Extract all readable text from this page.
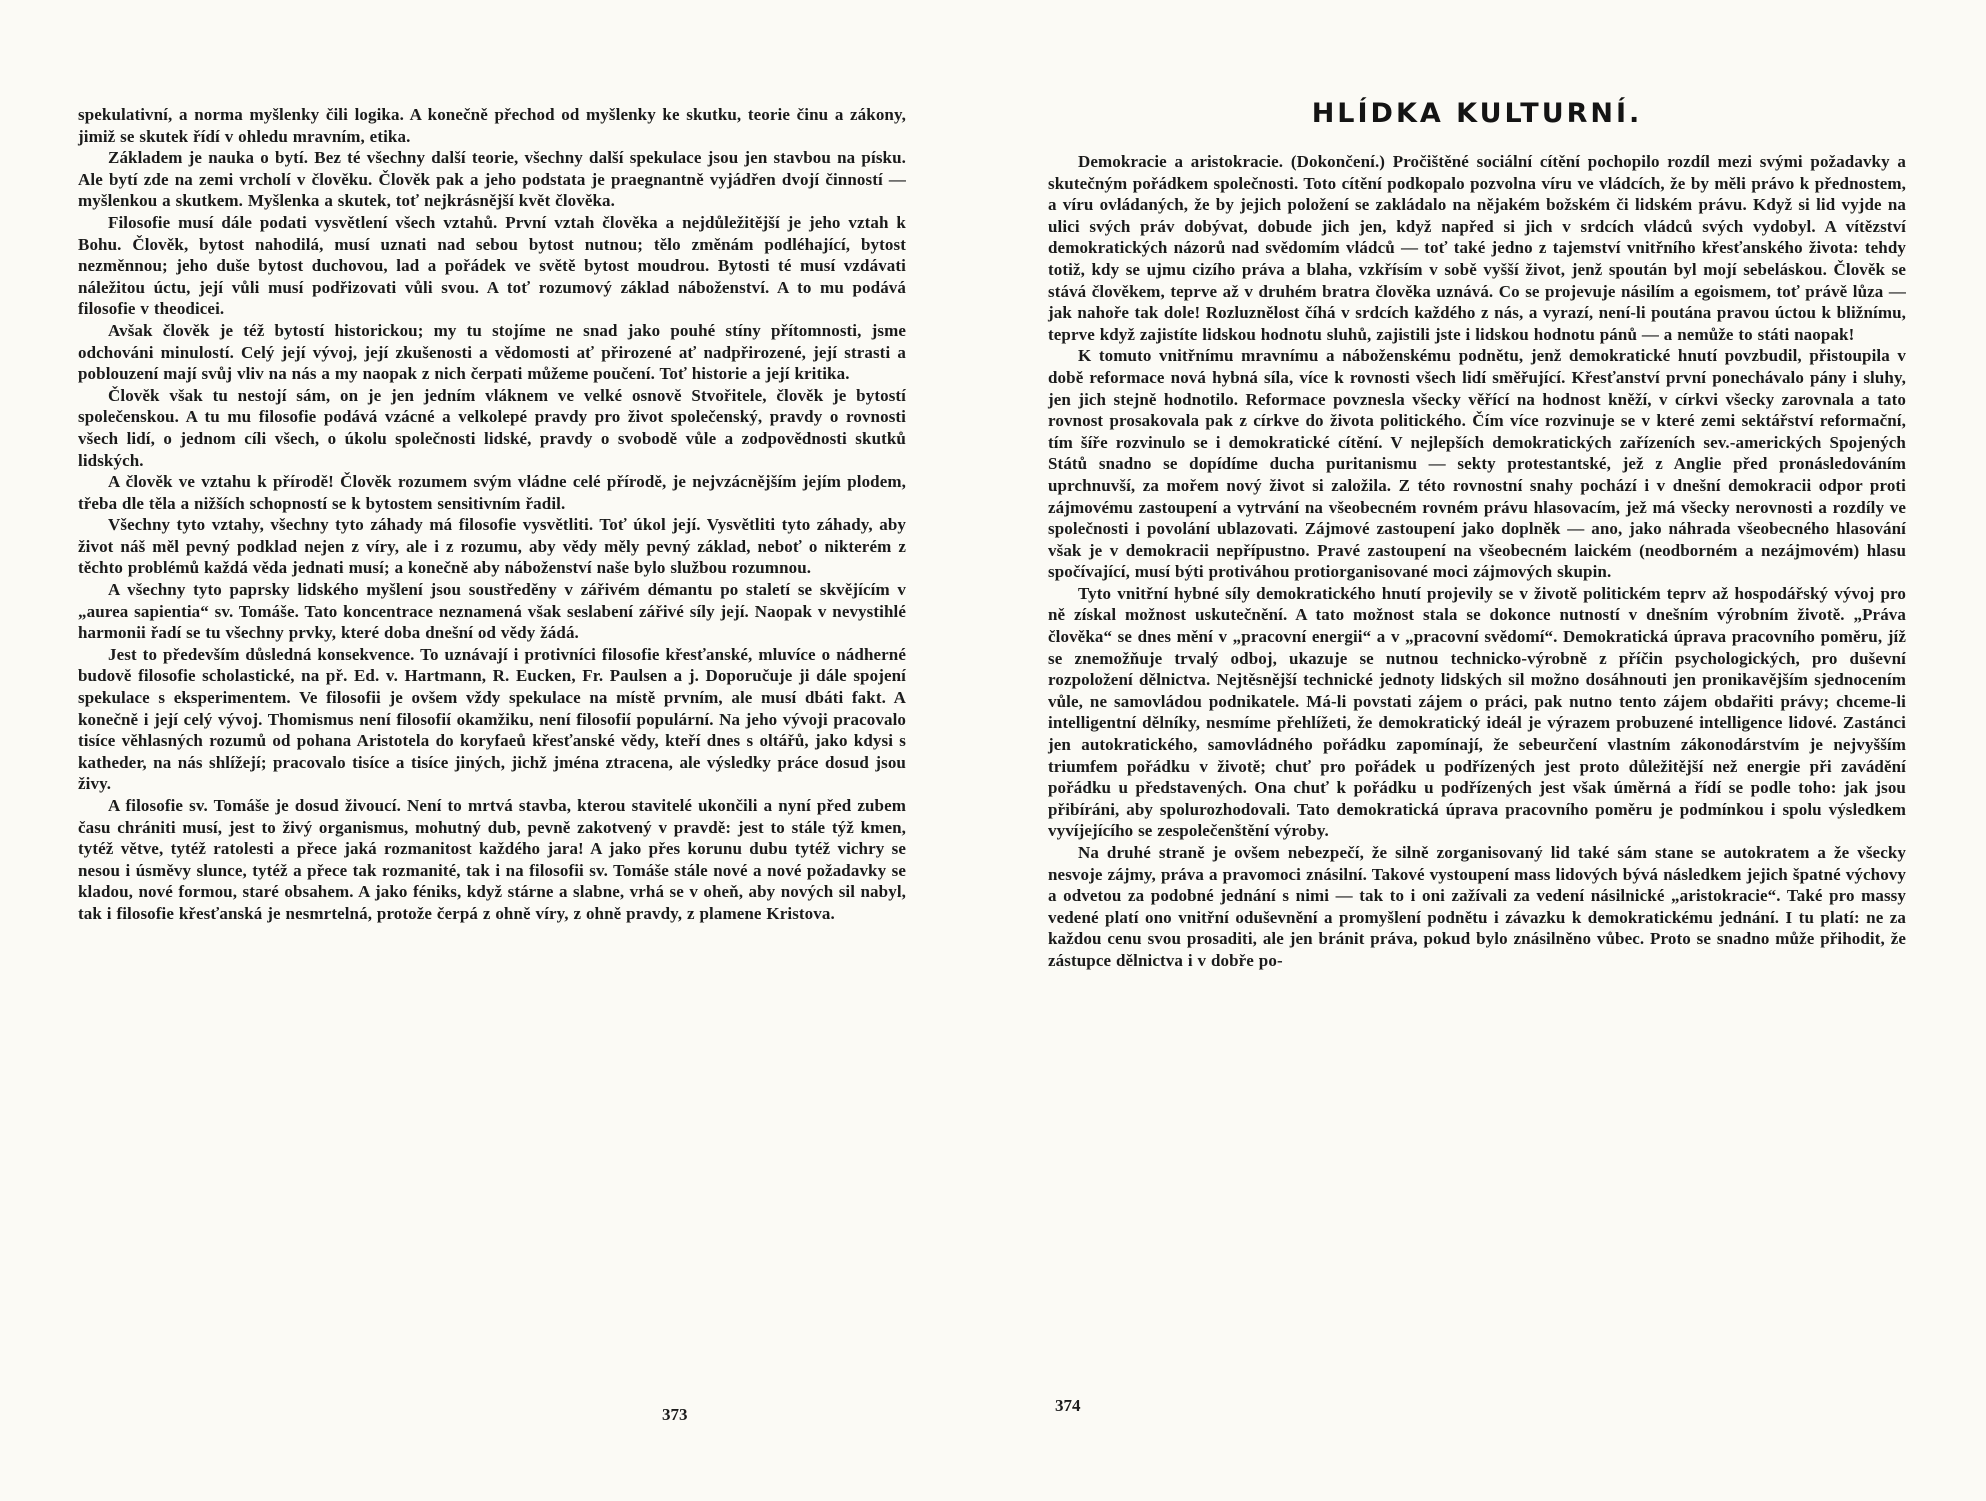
spekulativní, a norma myšlenky čili logika. A konečně přechod od myšlenky ke skutku, teorie činu a zákony, jimiž se skutek řídí v ohledu mravním, etika.

Základem je nauka o bytí. Bez té všechny další teorie, všechny další spekulace jsou jen stavbou na písku. Ale bytí zde na zemi vrcholí v člověku. Člověk pak a jeho podstata je praegnantně vyjádřen dvojí činností — myšlenkou a skutkem. Myšlenka a skutek, toť nejkrásnější květ člověka.

Filosofie musí dále podati vysvětlení všech vztahů. První vztah člověka a nejdůležitější je jeho vztah k Bohu. Člověk, bytost nahodilá, musí uznati nad sebou bytost nutnou; tělo změnám podléhající, bytost nezměnnou; jeho duše bytost duchovou, lad a pořádek ve světě bytost moudrou. Bytosti té musí vzdávati náležitou úctu, její vůli musí podřizovati vůli svou. A toť rozumový základ náboženství. A to mu podává filosofie v theodicei.

Avšak člověk je též bytostí historickou; my tu stojíme ne snad jako pouhé stíny přítomnosti, jsme odchováni minulostí. Celý její vývoj, její zkušenosti a vědomosti ať přirozené ať nadpřirozené, její strasti a poblouzení mají svůj vliv na nás a my naopak z nich čerpati můžeme poučení. Toť historie a její kritika.

Člověk však tu nestojí sám, on je jen jedním vláknem ve velké osnově Stvořitele, člověk je bytostí společenskou. A tu mu filosofie podává vzácné a velkolepé pravdy pro život společenský, pravdy o rovnosti všech lidí, o jednom cíli všech, o úkolu společnosti lidské, pravdy o svobodě vůle a zodpovědnosti skutků lidských.

A člověk ve vztahu k přírodě! Člověk rozumem svým vládne celé přírodě, je nejvzácnějším jejím plodem, třeba dle těla a nižších schopností se k bytostem sensitivním řadil.

Všechny tyto vztahy, všechny tyto záhady má filosofie vysvětliti. Toť úkol její. Vysvětliti tyto záhady, aby život náš měl pevný podklad nejen z víry, ale i z rozumu, aby vědy měly pevný základ, neboť o nikterém z těchto problémů každá věda jednati musí; a konečně aby náboženství naše bylo službou rozumnou.

A všechny tyto paprsky lidského myšlení jsou soustředěny v zářivém démantu po staletí se skvějícím v „aurea sapientia“ sv. Tomáše. Tato koncentrace neznamená však seslabení zářivé síly její. Naopak v nevystihlé harmonii řadí se tu všechny prvky, které doba dnešní od vědy žádá.

Jest to především důsledná konsekvence. To uznávají i protivníci filosofie křesťanské, mluvíce o nádherné budově filosofie scholastické, na př. Ed. v. Hartmann, R. Eucken, Fr. Paulsen a j. Doporučuje ji dále spojení spekulace s eksperimentem. Ve filosofii je ovšem vždy spekulace na místě prvním, ale musí dbáti fakt. A konečně i její celý vývoj. Thomismus není filosofií okamžiku, není filosofií populární. Na jeho vývoji pracovalo tisíce věhlasných rozumů od pohana Aristotela do koryfaeů křesťanské vědy, kteří dnes s oltářů, jako kdysi s katheder, na nás shlížejí; pracovalo tisíce a tisíce jiných, jichž jména ztracena, ale výsledky práce dosud jsou živy.

A filosofie sv. Tomáše je dosud živoucí. Není to mrtvá stavba, kterou stavitelé ukončili a nyní před zubem času chrániti musí, jest to živý organismus, mohutný dub, pevně zakotvený v pravdě: jest to stále týž kmen, tytéž větve, tytéž ratolesti a přece jaká rozmanitost každého jara! A jako přes korunu dubu tytéž vichry se nesou i úsměvy slunce, tytéž a přece tak rozmanité, tak i na filosofii sv. Tomáše stále nové a nové požadavky se kladou, nové formou, staré obsahem. A jako féniks, když stárne a slabne, vrhá se v oheň, aby nových sil nabyl, tak i filosofie křesťanská je nesmrtelná, protože čerpá z ohně víry, z ohně pravdy, z plamene Kristova.

HLÍDKA KULTURNÍ.

Demokracie a aristokracie. (Dokončení.) Pročištěné sociální cítění pochopilo rozdíl mezi svými požadavky a skutečným pořádkem společnosti. Toto cítění podkopalo pozvolna víru ve vládcích, že by měli právo k přednostem, a víru ovládaných, že by jejich položení se zakládalo na nějakém božském či lidském právu. Když si lid vyjde na ulici svých práv dobývat, dobude jich jen, když napřed si jich v srdcích vládců svých vydobyl. A vítězství demokratických názorů nad svědomím vládců — toť také jedno z tajemství vnitřního křesťanského života: tehdy totiž, kdy se ujmu cizího práva a blaha, vzkřísím v sobě vyšší život, jenž spoután byl mojí sebeláskou. Člověk se stává člověkem, teprve až v druhém bratra člověka uznává. Co se projevuje násilím a egoismem, toť právě lůza — jak nahoře tak dole! Rozluznělost číhá v srdcích každého z nás, a vyrazí, není-li poutána pravou úctou k bližnímu, teprve když zajistíte lidskou hodnotu sluhů, zajistili jste i lidskou hodnotu pánů — a nemůže to státi naopak!

K tomuto vnitřnímu mravnímu a náboženskému podnětu, jenž demokratické hnutí povzbudil, přistoupila v době reformace nová hybná síla, více k rovnosti všech lidí směřující. Křesťanství první ponechávalo pány i sluhy, jen jich stejně hodnotilo. Reformace povznesla všecky věřící na hodnost kněží, v církvi všecky zarovnala a tato rovnost prosakovala pak z církve do života politického. Čím více rozvinuje se v které zemi sektářství reformační, tím šíře rozvinulo se i demokratické cítění. V nejlepších demokratických zařízeních sev.-amerických Spojených Států snadno se dopídíme ducha puritanismu — sekty protestantské, jež z Anglie před pronásledováním uprchnuvší, za mořem nový život si založila. Z této rovnostní snahy pochází i v dnešní demokracii odpor proti zájmovému zastoupení a vytrvání na všeobecném rovném právu hlasovacím, jež má všecky nerovnosti a rozdíly ve společnosti i povolání ublazovati. Zájmové zastoupení jako doplněk — ano, jako náhrada všeobecného hlasování však je v demokracii nepřípustno. Pravé zastoupení na všeobecném laickém (neodborném a nezájmovém) hlasu spočívající, musí býti protiváhou protiorganisované moci zájmových skupin.

Tyto vnitřní hybné síly demokratického hnutí projevily se v životě politickém teprv až hospodářský vývoj pro ně získal možnost uskutečnění. A tato možnost stala se dokonce nutností v dnešním výrobním životě. „Práva člověka“ se dnes mění v „pracovní energii“ a v „pracovní svědomí“. Demokratická úprava pracovního poměru, jíž se znemožňuje trvalý odboj, ukazuje se nutnou technicko-výrobně z příčin psychologických, pro duševní rozpoložení dělnictva. Nejtěsnější technické jednoty lidských sil možno dosáhnouti jen pronikavějším sjednocením vůle, ne samovládou podnikatele. Má-li povstati zájem o práci, pak nutno tento zájem obdařiti právy; chceme-li intelligentní dělníky, nesmíme přehlížeti, že demokratický ideál je výrazem probuzené intelligence lidové. Zastánci jen autokratického, samovládného pořádku zapomínají, že sebeurčení vlastním zákonodárstvím je nejvyšším triumfem pořádku v životě; chuť pro pořádek u podřízených jest proto důležitější než energie při zavádění pořádku u představených. Ona chuť k pořádku u podřízených jest však úměrná a řídí se podle toho: jak jsou přibíráni, aby spolurozhodovali. Tato demokratická úprava pracovního poměru je podmínkou i spolu výsledkem vyvíjejícího se zespolečenštění výroby.

Na druhé straně je ovšem nebezpečí, že silně zorganisovaný lid také sám stane se autokratem a že všecky nesvoje zájmy, práva a pravomoci znásilní. Takové vystoupení mass lidových bývá následkem jejich špatné výchovy a odvetou za podobné jednání s nimi — tak to i oni zažívali za vedení násilnické „aristokracie“. Také pro massy vedené platí ono vnitřní oduševnění a promyšlení podnětu i závazku k demokratickému jednání. I tu platí: ne za každou cenu svou prosaditi, ale jen bránit práva, pokud bylo znásilněno vůbec. Proto se snadno může přihodit, že zástupce dělnictva i v dobře po-

373	374
